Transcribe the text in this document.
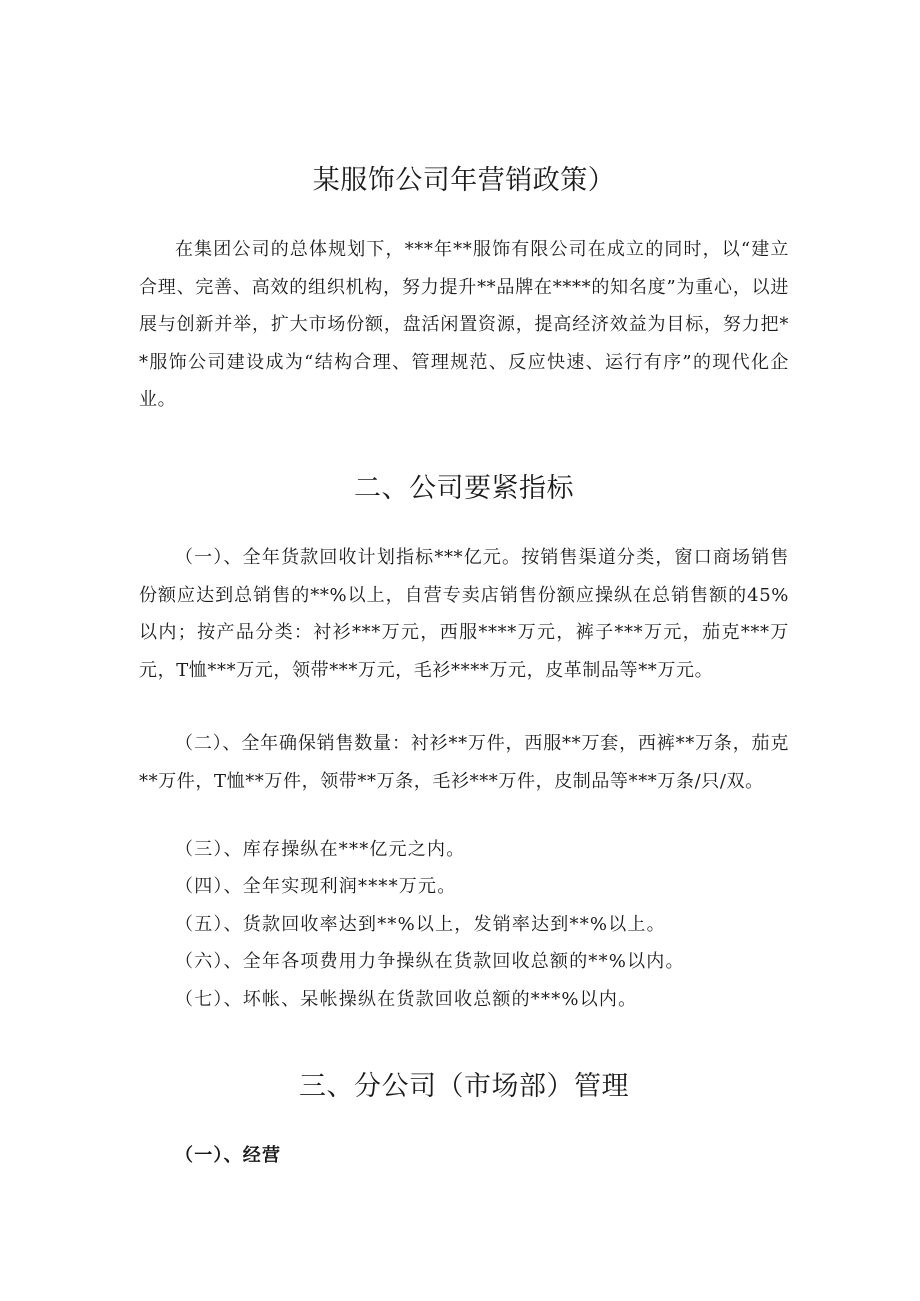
某服饰公司年营销政策）
在集团公司的总体规划下，***年**服饰有限公司在成立的同时，以“建立合理、完善、高效的组织机构，努力提升**品牌在****的知名度”为重心，以进展与创新并举，扩大市场份额，盘活闲置资源，提高经济效益为目标，努力把**服饰公司建设成为“结构合理、管理规范、反应快速、运行有序”的现代化企业。
二、公司要紧指标
（一）、全年货款回收计划指标***亿元。按销售渠道分类，窗口商场销售份额应达到总销售的**%以上，自营专卖店销售份额应操纵在总销售额的45%以内；按产品分类：衬衫***万元，西服****万元，裤子***万元，茄克***万元，T恤***万元，领带***万元，毛衫****万元，皮革制品等**万元。
（二）、全年确保销售数量：衬衫**万件，西服**万套，西裤**万条，茄克**万件，T恤**万件，领带**万条，毛衫***万件，皮制品等***万条/只/双。
（三）、库存操纵在***亿元之内。
（四）、全年实现利润****万元。
（五）、货款回收率达到**%以上，发销率达到**%以上。
（六）、全年各项费用力争操纵在货款回收总额的**%以内。
（七）、坏帐、呆帐操纵在货款回收总额的***%以内。
三、分公司（市场部）管理
（一）、经营
